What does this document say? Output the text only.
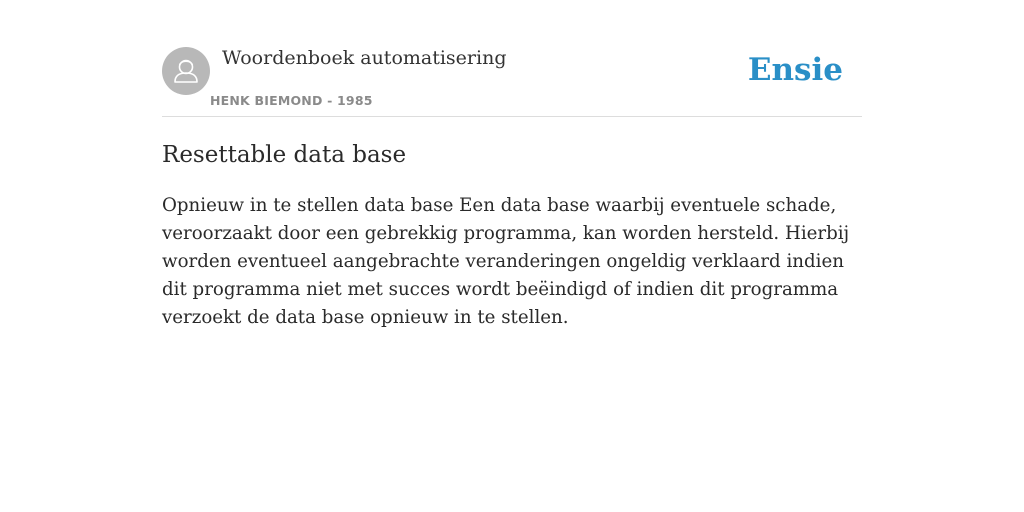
Woordenboek automatisering
HENK BIEMOND - 1985
Ensie
Resettable data base

Opnieuw in te stellen data base Een data base waarbij eventuele schade, veroorzaakt door een gebrekkig programma, kan worden hersteld. Hierbij worden eventueel aangebrachte veranderingen ongeldig verklaard indien dit programma niet met succes wordt beëindigd of indien dit programma verzoekt de data base opnieuw in te stellen.
